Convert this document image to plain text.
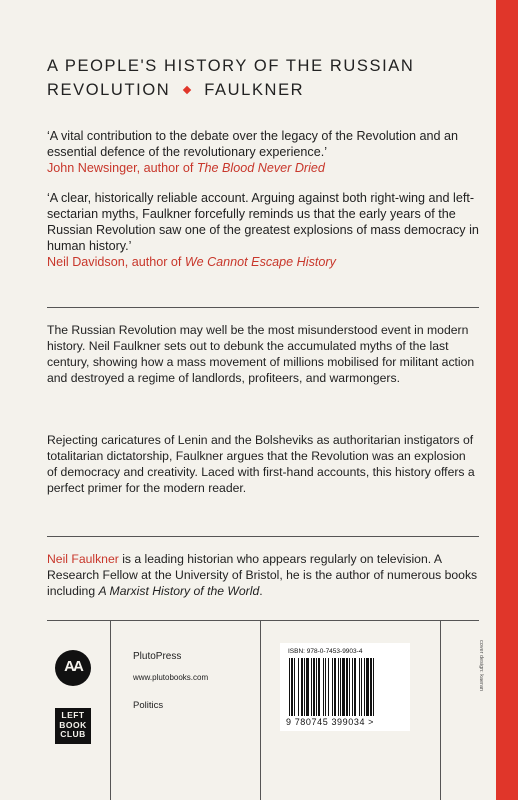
A PEOPLE'S HISTORY OF THE RUSSIAN
REVOLUTION FAULKNER
‘A vital contribution to the debate over the legacy of the Revolution and an essential defence of the revolutionary experience.’
John Newsinger, author of The Blood Never Dried
‘A clear, historically reliable account. Arguing against both right-wing and left-sectarian myths, Faulkner forcefully reminds us that the early years of the Russian Revolution saw one of the greatest explosions of mass democracy in human history.’
Neil Davidson, author of We Cannot Escape History

The Russian Revolution may well be the most misunderstood event in modern history. Neil Faulkner sets out to debunk the accumulated myths of the last century, showing how a mass movement of millions mobilised for militant action and destroyed a regime of landlords, profiteers, and warmongers.

Rejecting caricatures of Lenin and the Bolsheviks as authoritarian instigators of totalitarian dictatorship, Faulkner argues that the Revolution was an explosion of democracy and creativity. Laced with first-hand accounts, this history offers a perfect primer for the modern reader.

Neil Faulkner is a leading historian who appears regularly on television. A Research Fellow at the University of Bristol, he is the author of numerous books including A Marxist History of the World.

AA
LEFT
BOOK
CLUB
PlutoPress
www.plutobooks.com
Politics
ISBN: 978-0-7453-9903-4
9 780745 399034 >
cover design: kaeran
